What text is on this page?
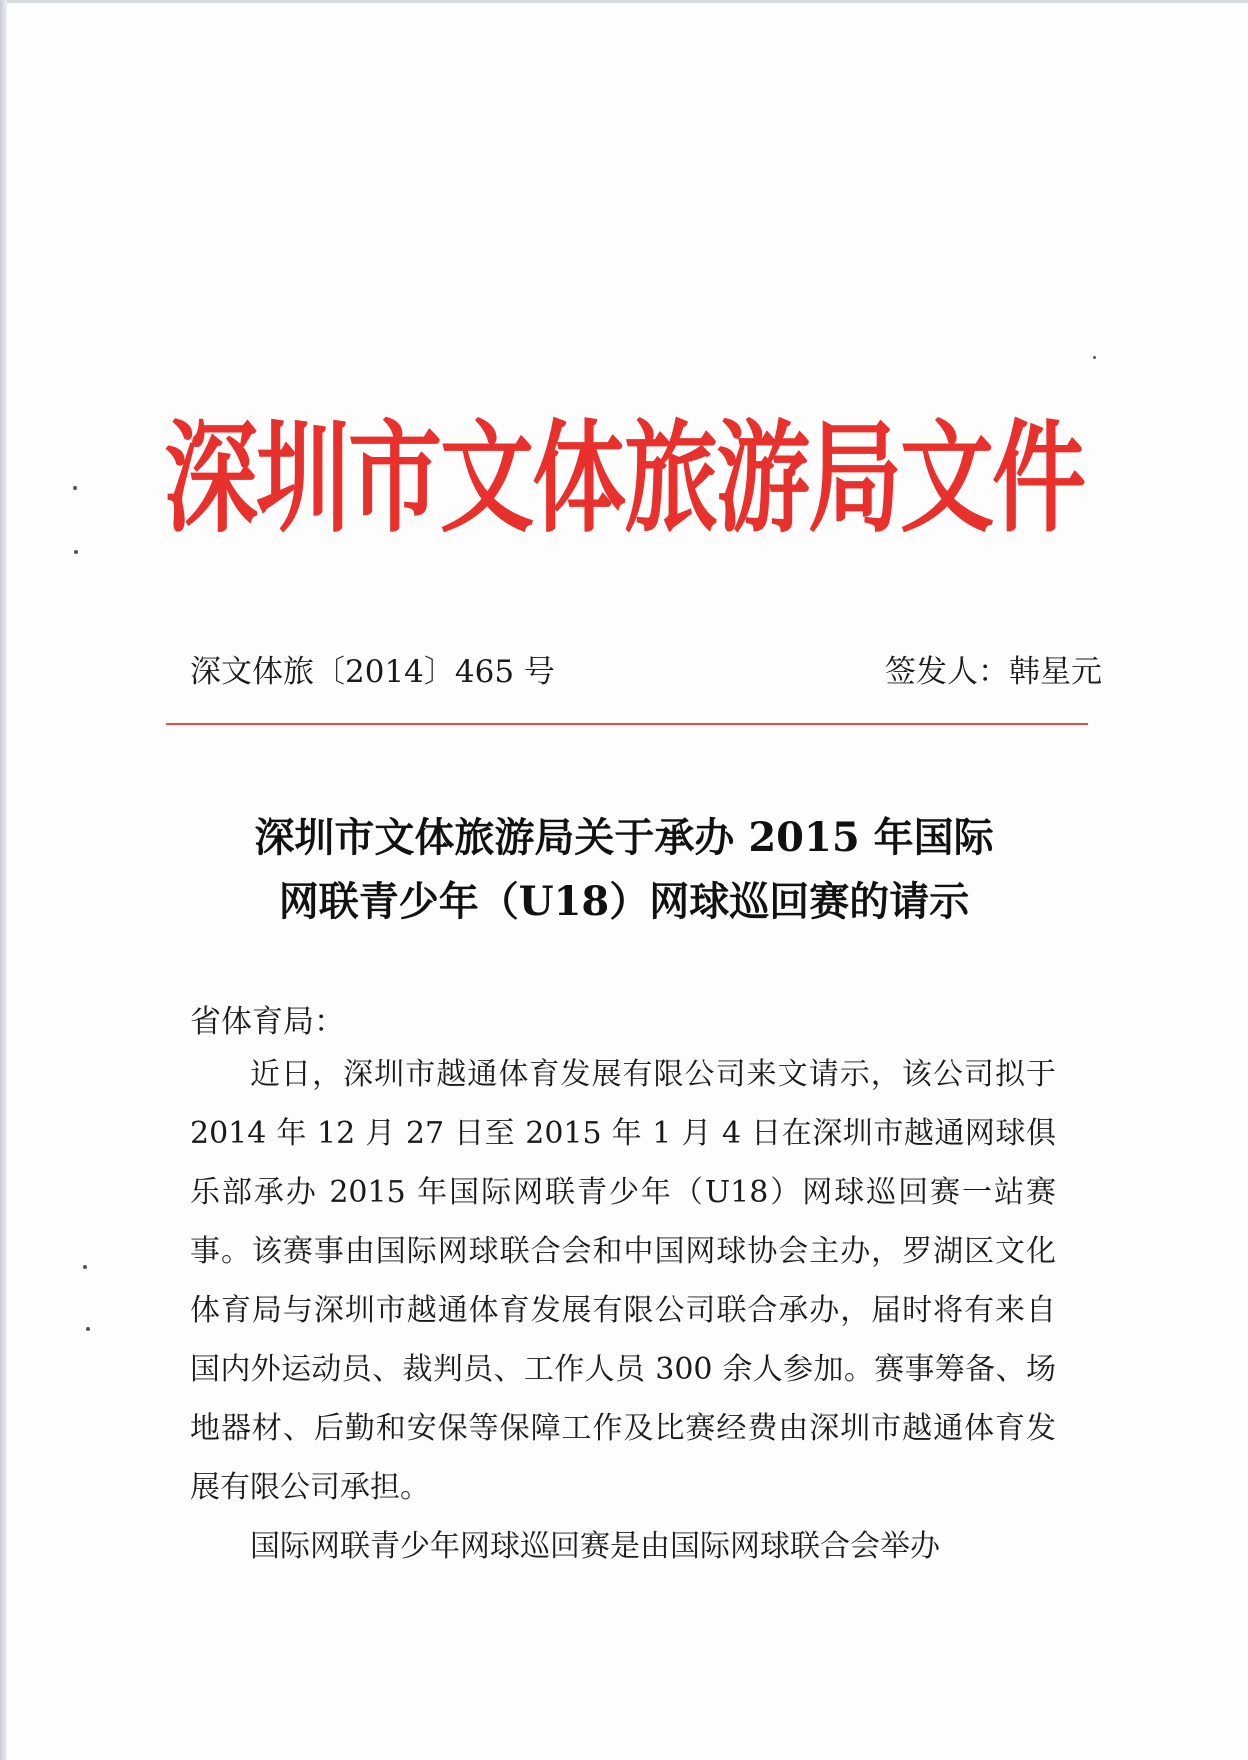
深圳市文体旅游局文件
深文体旅〔2014〕465 号	签发人：韩星元
深圳市文体旅游局关于承办 2015 年国际
网联青少年（U18）网球巡回赛的请示
省体育局：

近日，深圳市越通体育发展有限公司来文请示，该公司拟于 2014 年 12 月 27 日至 2015 年 1 月 4 日在深圳市越通网球俱乐部承办 2015 年国际网联青少年（U18）网球巡回赛一站赛事。该赛事由国际网球联合会和中国网球协会主办，罗湖区文化体育局与深圳市越通体育发展有限公司联合承办，届时将有来自国内外运动员、裁判员、工作人员 300 余人参加。赛事筹备、场地器材、后勤和安保等保障工作及比赛经费由深圳市越通体育发展有限公司承担。

国际网联青少年网球巡回赛是由国际网球联合会举办
